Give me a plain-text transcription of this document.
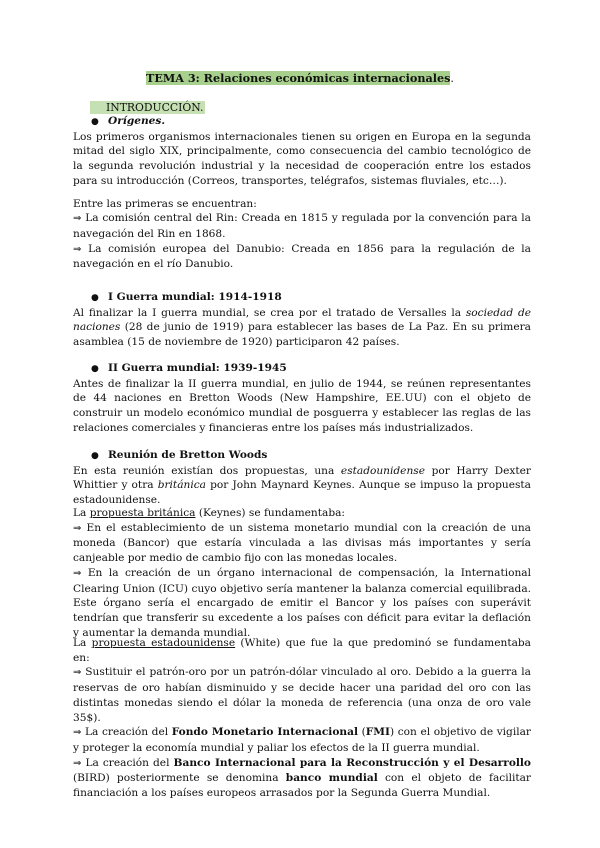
TEMA 3: Relaciones económicas internacionales.
INTRODUCCIÓN.
● Orígenes.

Los primeros organismos internacionales tienen su origen en Europa en la segunda mitad del siglo XIX, principalmente, como consecuencia del cambio tecnológico de la segunda revolución industrial y la necesidad de cooperación entre los estados para su introducción (Correos, transportes, telégrafos, sistemas fluviales, etc…).

Entre las primeras se encuentran:

⇒ La comisión central del Rin: Creada en 1815 y regulada por la convención para la navegación del Rin en 1868.

⇒ La comisión europea del Danubio: Creada en 1856 para la regulación de la navegación en el río Danubio.

● I Guerra mundial: 1914-1918

Al finalizar la I guerra mundial, se crea por el tratado de Versalles la sociedad de naciones (28 de junio de 1919) para establecer las bases de La Paz. En su primera asamblea (15 de noviembre de 1920) participaron 42 países.

● II Guerra mundial: 1939-1945

Antes de finalizar la II guerra mundial, en julio de 1944, se reúnen representantes de 44 naciones en Bretton Woods (New Hampshire, EE.UU) con el objeto de construir un modelo económico mundial de posguerra y establecer las reglas de las relaciones comerciales y financieras entre los países más industrializados.

● Reunión de Bretton Woods

En esta reunión existían dos propuestas, una estadounidense por Harry Dexter Whittier y otra británica por John Maynard Keynes. Aunque se impuso la propuesta estadounidense.

La propuesta británica (Keynes) se fundamentaba:

⇒ En el establecimiento de un sistema monetario mundial con la creación de una moneda (Bancor) que estaría vinculada a las divisas más importantes y sería canjeable por medio de cambio fijo con las monedas locales.

⇒ En la creación de un órgano internacional de compensación, la International Clearing Union (ICU) cuyo objetivo sería mantener la balanza comercial equilibrada. Este órgano sería el encargado de emitir el Bancor y los países con superávit tendrían que transferir su excedente a los países con déficit para evitar la deflación y aumentar la demanda mundial.

La propuesta estadounidense (White) que fue la que predominó se fundamentaba en:

⇒ Sustituir el patrón-oro por un patrón-dólar vinculado al oro. Debido a la guerra la reservas de oro habían disminuido y se decide hacer una paridad del oro con las distintas monedas siendo el dólar la moneda de referencia (una onza de oro vale 35$).

⇒ La creación del Fondo Monetario Internacional (FMI) con el objetivo de vigilar y proteger la economía mundial y paliar los efectos de la II guerra mundial.

⇒ La creación del Banco Internacional para la Reconstrucción y el Desarrollo (BIRD) posteriormente se denomina banco mundial con el objeto de facilitar financiación a los países europeos arrasados por la Segunda Guerra Mundial.
